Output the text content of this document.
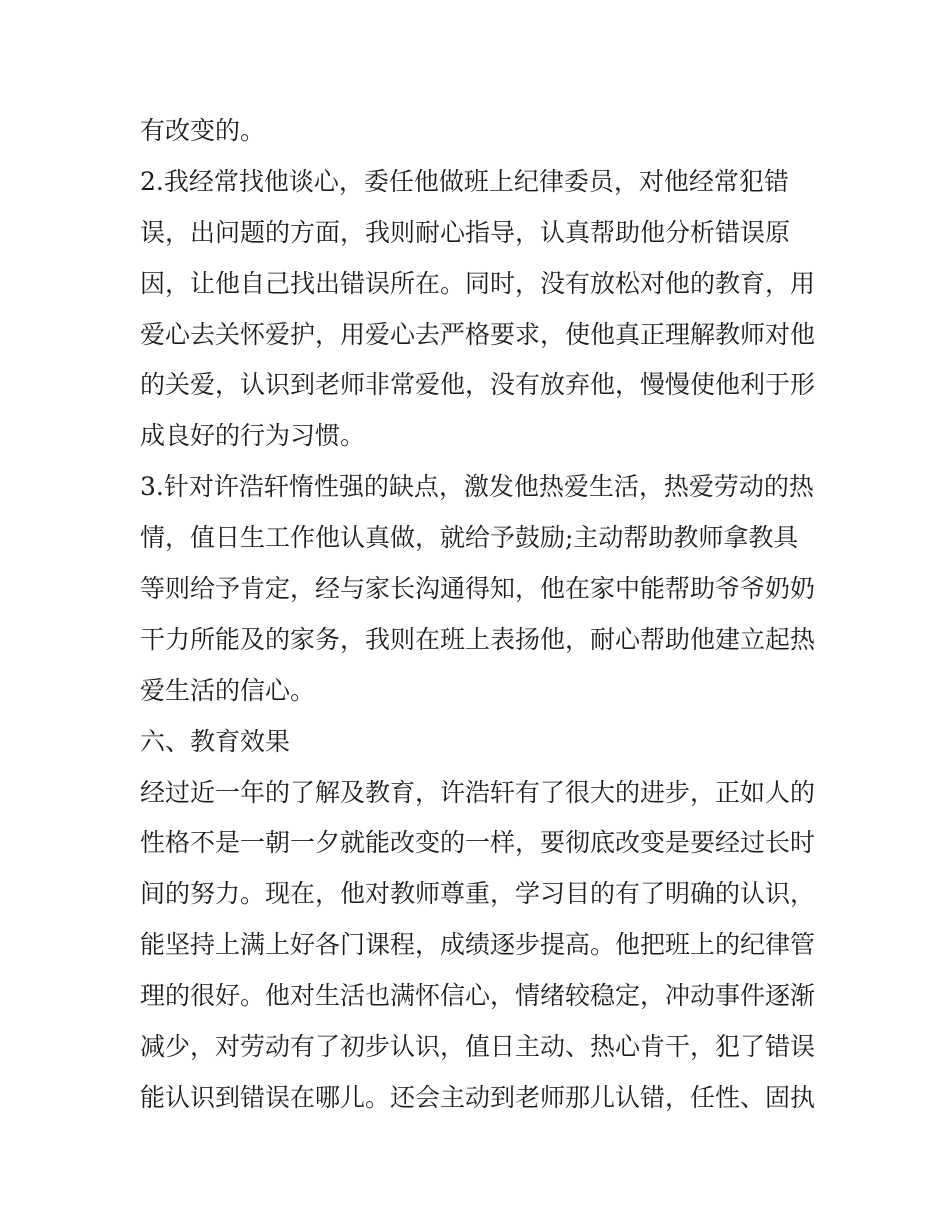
有改变的。
2.我经常找他谈心，委任他做班上纪律委员，对他经常犯错
误，出问题的方面，我则耐心指导，认真帮助他分析错误原
因，让他自己找出错误所在。同时，没有放松对他的教育，用
爱心去关怀爱护，用爱心去严格要求，使他真正理解教师对他
的关爱，认识到老师非常爱他，没有放弃他，慢慢使他利于形
成良好的行为习惯。
3.针对许浩轩惰性强的缺点，激发他热爱生活，热爱劳动的热
情，值日生工作他认真做，就给予鼓励;主动帮助教师拿教具
等则给予肯定，经与家长沟通得知，他在家中能帮助爷爷奶奶
干力所能及的家务，我则在班上表扬他，耐心帮助他建立起热
爱生活的信心。
六、教育效果
经过近一年的了解及教育，许浩轩有了很大的进步，正如人的
性格不是一朝一夕就能改变的一样，要彻底改变是要经过长时
间的努力。现在，他对教师尊重，学习目的有了明确的认识，
能坚持上满上好各门课程，成绩逐步提高。他把班上的纪律管
理的很好。他对生活也满怀信心，情绪较稳定，冲动事件逐渐
减少，对劳动有了初步认识，值日主动、热心肯干，犯了错误
能认识到错误在哪儿。还会主动到老师那儿认错，任性、固执
